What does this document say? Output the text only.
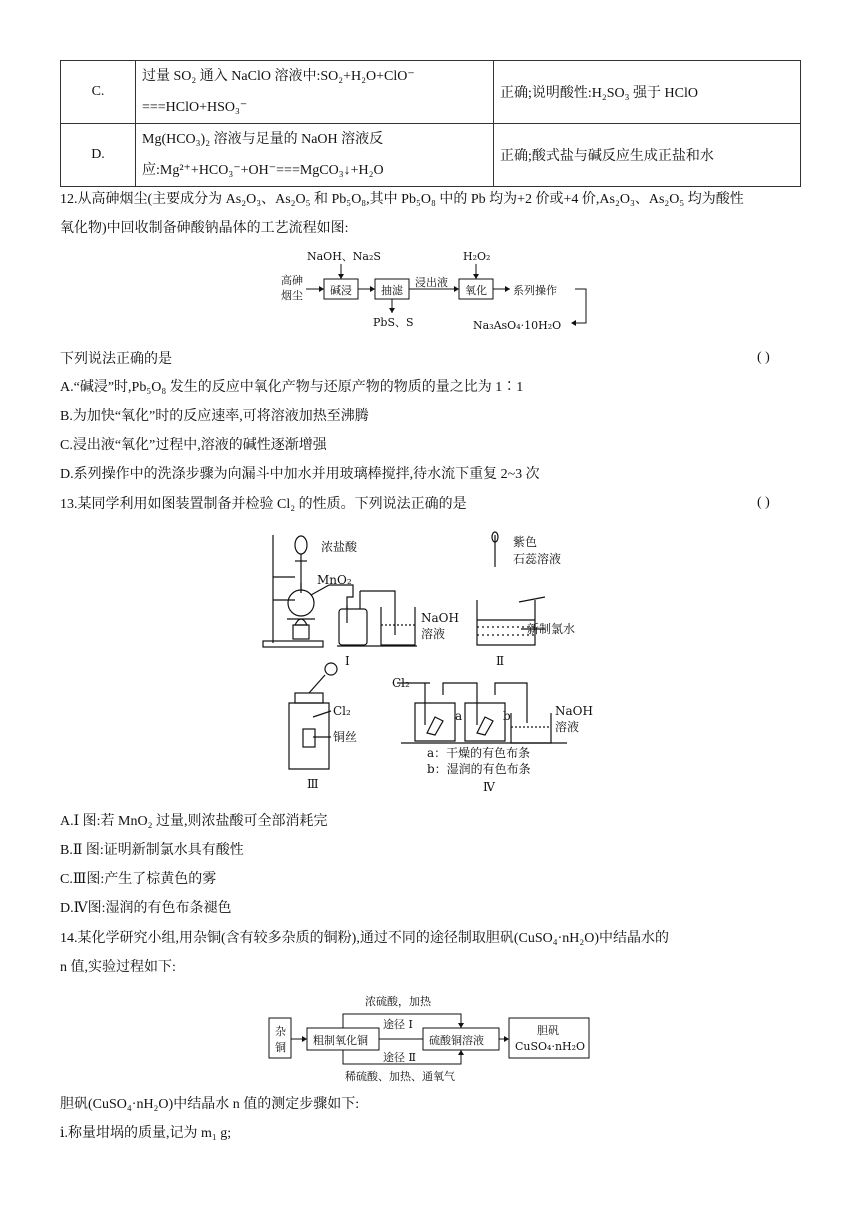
C.	过量 SO₂ 通入 NaClO 溶液中:SO₂+H₂O+ClO⁻
===HClO+HSO₃⁻	正确;说明酸性:H₂SO₃ 强于 HClO
D.	Mg(HCO₃)₂ 溶液与足量的 NaOH 溶液反
应:Mg²⁺+HCO₃⁻+OH⁻===MgCO₃↓+H₂O	正确;酸式盐与碱反应生成正盐和水
12.从高砷烟尘(主要成分为 As₂O₃、As₂O₅ 和 Pb₅O₈,其中 Pb₅O₈ 中的 Pb 均为+2 价或+4 价,As₂O₃、As₂O₅ 均为酸性
氧化物)中回收制备砷酸钠晶体的工艺流程如图:
高砷
烟尘
NaOH、Na₂S
碱浸	抽滤
PbS、S
浸出液
H₂O₂
氧化 系列操作
Na₃AsO₄·10H₂O
下列说法正确的是	( )
A.“碱浸”时,Pb₅O₈ 发生的反应中氧化产物与还原产物的物质的量之比为 1∶1
B.为加快“氧化”时的反应速率,可将溶液加热至沸腾
C.浸出液“氧化”过程中,溶液的碱性逐渐增强
D.系列操作中的洗涤步骤为向漏斗中加水并用玻璃棒搅拌,待水流下重复 2~3 次
13.某同学利用如图装置制备并检验 Cl₂ 的性质。下列说法正确的是	( )
浓盐酸
MnO₂
NaOH
溶液
Ⅰ
紫色
石蕊溶液
新制氯水
Ⅱ
Cl₂
铜丝
Ⅲ
Cl₂
a	b	NaOH
溶液
a：干燥的有色布条
b：湿润的有色布条
Ⅳ
A.Ⅰ 图:若 MnO₂ 过量,则浓盐酸可全部消耗完
B.Ⅱ 图:证明新制氯水具有酸性
C.Ⅲ图:产生了棕黄色的雾
D.Ⅳ图:湿润的有色布条褪色
14.某化学研究小组,用杂铜(含有较多杂质的铜粉),通过不同的途径制取胆矾(CuSO₄·nH₂O)中结晶水的
n 值,实验过程如下:
杂
铜
粗制氧化铜
浓硫酸，加热
途径 Ⅰ
途径 Ⅱ
稀硫酸、加热、通氧气
硫酸铜溶液
胆矾
CuSO₄·nH₂O
胆矾(CuSO₄·nH₂O)中结晶水 n 值的测定步骤如下:
ⅰ.称量坩埚的质量,记为 m₁ g;
